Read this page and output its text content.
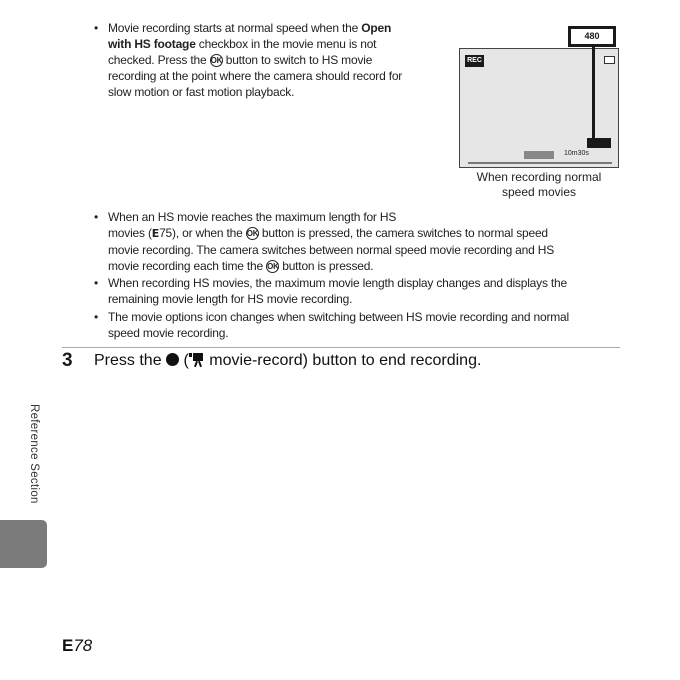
• Movie recording starts at normal speed when the Open
with HS footage checkbox in the movie menu is not
checked. Press the OK button to switch to HS movie
recording at the point where the camera should record for
slow motion or fast motion playback.
REC
480
10m30s
When recording normal
speed movies
• When an HS movie reaches the maximum length for HS
movies (E75), or when the OK button is pressed, the camera switches to normal speed
movie recording. The camera switches between normal speed movie recording and HS
movie recording each time the OK button is pressed.
• When recording HS movies, the maximum movie length display changes and displays the
remaining movie length for HS movie recording.
• The movie options icon changes when switching between HS movie recording and normal
speed movie recording.
3 Press the ( movie-record) button to end recording.
Reference Section
E78
